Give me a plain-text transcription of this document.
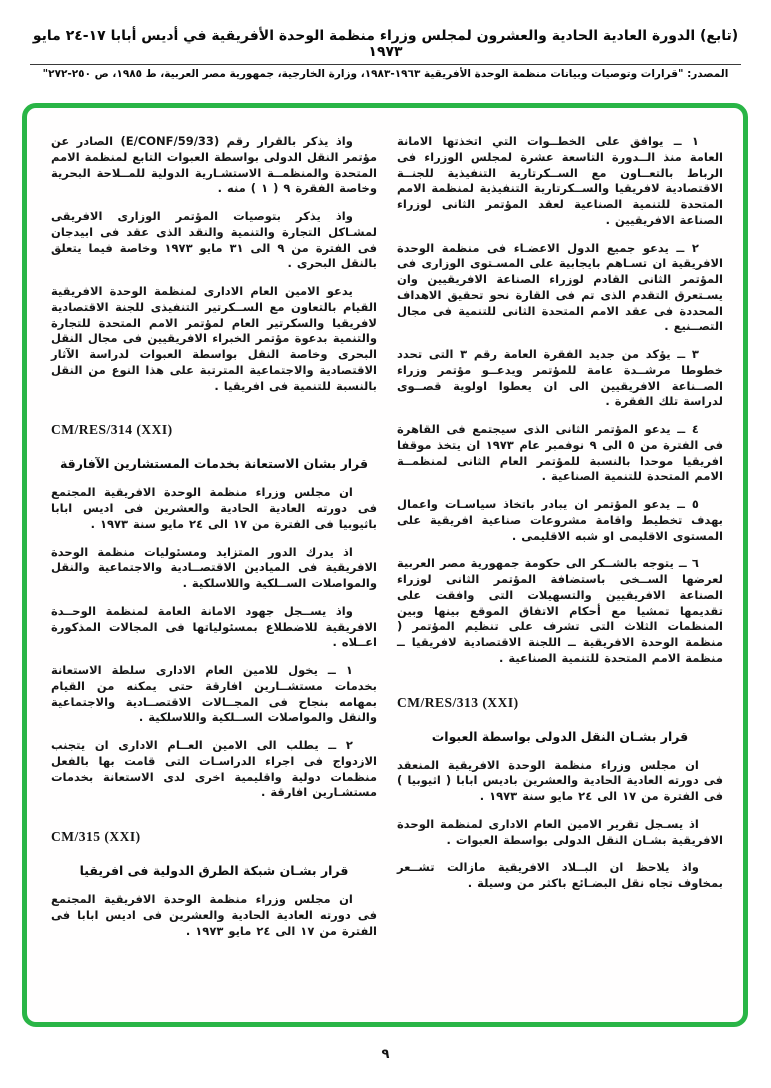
(تابع) الدورة العادية الحادية والعشرون لمجلس وزراء منظمة الوحدة الأفريقية في أديس أبابا ١٧-٢٤ مايو ١٩٧٣
المصدر: "قرارات وتوصيات وبيانات منظمة الوحدة الأفريقية ١٩٦٣-١٩٨٣، وزارة الخارجية، جمهورية مصر العربية، ط ١٩٨٥، ص ٢٥٠-٢٧٢"

١ ــ يوافق على الخطــوات التي اتخذتها الامانة العامة منذ الــدورة التاسعة عشرة لمجلس الوزراء فى الرباط بالتعــاون مع الســكرتارية التنفيذية للجنــة الاقتصادية لافريقيا والســكرتارية التنفيذية لمنظمة الامم المتحدة للتنمية الصناعية لعقد المؤتمر الثانى لوزراء الصناعة الافريقيين .

٢ ــ يدعو جميع الدول الاعضـاء فى منظمة الوحدة الافريقية ان تسـاهم بايجابية على المسـتوى الوزارى فى المؤتمر الثانى القادم لوزراء الصناعة الافريقيين وان يسـتعرق التقدم الذى تم فى القارة نحو تحقيق الاهداف المحددة فى عقد الامم المتحدة الثانى للتنمية فى مجال التصــنيع .

٣ ــ يؤكد من جديد الفقرة العامة رقم ٣ التى تحدد خطوطا مرشــدة عامة للمؤتمر ويدعــو مؤتمر وزراء الصــناعة الافريقيين الى ان يعطوا اولوية قصــوى لدراسة تلك الفقرة .

٤ ــ يدعو المؤتمر الثانى الذى سيجتمع فى القاهرة فى الفترة من ٥ الى ٩ نوفمبر عام ١٩٧٣ ان يتخذ موقفا افريقيا موحدا بالنسبة للمؤتمر العام الثانى لمنظمــة الامم المتحدة للتنمية الصناعية .

٥ ــ يدعو المؤتمر ان يبادر باتخاذ سياسـات واعمال بهدف تخطيط واقامة مشروعات صناعية افريقية على المستوى الاقليمى او شبه الاقليمى .

٦ ــ يتوجه بالشــكر الى حكومة جمهورية مصر العربية لعرضها الســخى باستضافة المؤتمر الثانى لوزراء الصناعة الافريقيين والتسهيلات التى وافقت على تقديمها تمشيا مع أحكام الاتفاق الموقع بينها وبين المنظمات الثلاث التى تشرف على تنظيم المؤتمر ( منظمة الوحدة الافريقية ــ اللجنة الاقتصادية لافريقيا ــ منظمة الامم المتحدة للتنمية الصناعية .

CM/RES/313 (XXI)
قرار بشـان النقل الدولى بواسطة العبوات

ان مجلس وزراء منظمة الوحدة الافريقية المنعقد فى دورته العادية الحادية والعشرين باديس ابابا ( اثيوبيا ) فى الفترة من ١٧ الى ٢٤ مايو سنة ١٩٧٣ .

اذ يسـجل تقرير الامين العام الادارى لمنظمة الوحدة الافريقية بشـان النقل الدولى بواسطة العبوات .

واذ يلاحظ ان البــلاد الافريقية مازالت تشــعر بمخاوف تجاه نقل البضـائع باكثر من وسيلة .

واذ يذكر بالقرار رقم (E/CONF/59/33) الصادر عن مؤتمر النقل الدولى بواسطة العبوات التابع لمنظمة الامم المتحدة والمنظمــة الاستشـارية الدولية للمــلاحة البحرية وخاصة الفقرة ٩ ( ١ ) منه .

واذ يذكر بتوصيات المؤتمر الوزارى الافريقى لمشـاكل التجارة والتنمية والنقد الذى عقد فى ابيدجان فى الفترة من ٩ الى ٣١ مايو ١٩٧٣ وخاصة فيما يتعلق بالنقل البحرى .

يدعو الامين العام الادارى لمنظمة الوحدة الافريقية القيام بالتعاون مع الســكرتير التنفيذى للجنة الاقتصادية لافريقيا والسكرتير العام لمؤتمر الامم المتحدة للتجارة والتنمية بدعوة مؤتمر الخبراء الافريقيين فى مجال النقل البحرى وخاصة النقل بواسطة العبوات لدراسة الآثار الاقتصادية والاجتماعية المترتبة على هذا النوع من النقل بالنسبة للتنمية فى افريقيا .

CM/RES/314 (XXI)
قرار بشان الاستعانة بخدمات المستشارين الآفارقة

ان مجلس وزراء منظمة الوحدة الافريقية المجتمع فى دورته العادية الحادية والعشرين فى اديس ابابا باثيوبيا فى الفترة من ١٧ الى ٢٤ مايو سنة ١٩٧٣ .

اذ يدرك الدور المتزايد ومسئوليات منظمة الوحدة الافريقية فى الميادين الاقتصــادية والاجتماعية والنقل والمواصلات الســلكية واللاسلكية .

واذ يســجل جهود الامانة العامة لمنظمة الوحــدة الافريقية للاضطلاع بمسئولياتها فى المجالات المذكورة اعــلاه .

١ ــ يخول للامين العام الادارى سلطة الاستعانة بخدمات مستشــارين افارقة حتى يمكنه من القيام بمهامه بنجاح فى المجــالات الاقتصــادية والاجتماعية والنقل والمواصلات الســلكية واللاسلكية .

٢ ــ يطلب الى الامين العــام الادارى ان يتجنب الازدواج فى اجراء الدراسـات التى قامت بها بالفعل منظمات دولية واقليمية اخرى لدى الاستعانة بخدمات مستشـارين افارقة .

CM/315 (XXI)
قرار بشـان شبكة الطرق الدولية فى افريقيا

ان مجلس وزراء منظمة الوحدة الافريقية المجتمع فى دورته العادية الحادية والعشرين فى اديس ابابا فى الفترة من ١٧ الى ٢٤ مايو ١٩٧٣ .

٩
